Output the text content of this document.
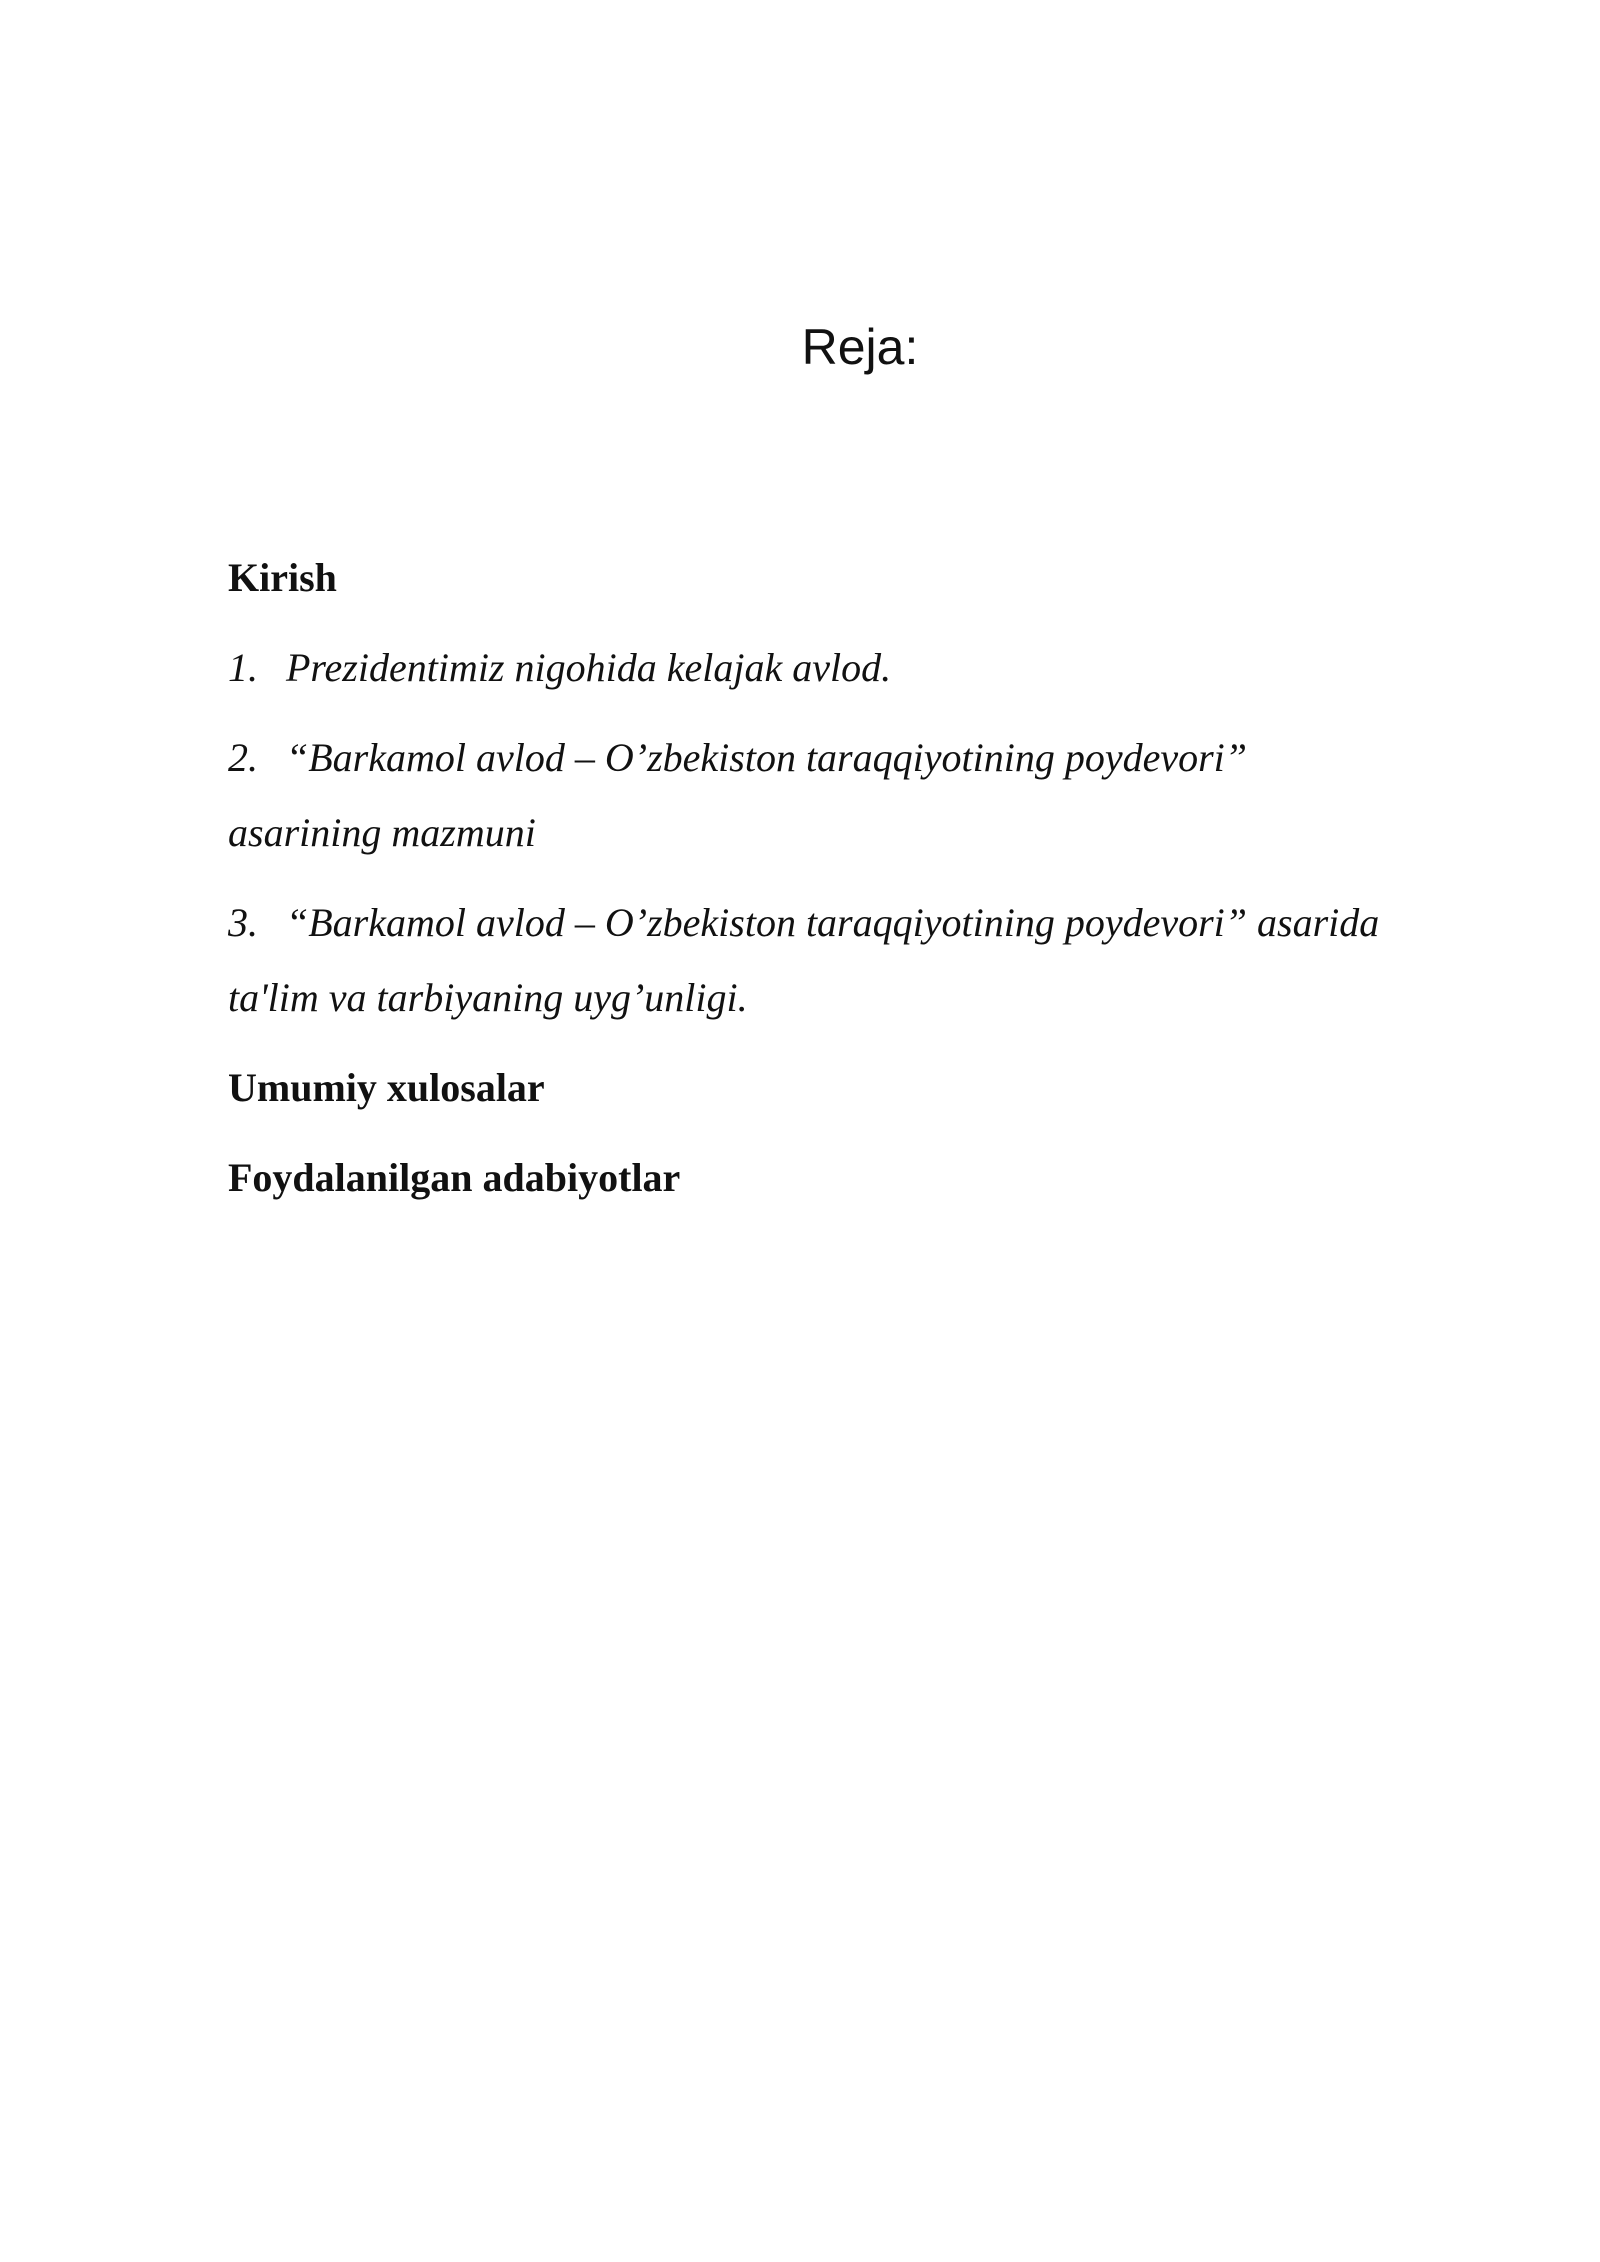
Reja:
Kirish
1. Prezidentimiz nigohida kelajak avlod.
2. “Barkamol avlod – O’zbekiston taraqqiyotining poydevori”
asarining mazmuni
3. “Barkamol avlod – O’zbekiston taraqqiyotining poydevori” asarida
ta'lim va tarbiyaning uyg’unligi.
Umumiy xulosalar
Foydalanilgan adabiyotlar
